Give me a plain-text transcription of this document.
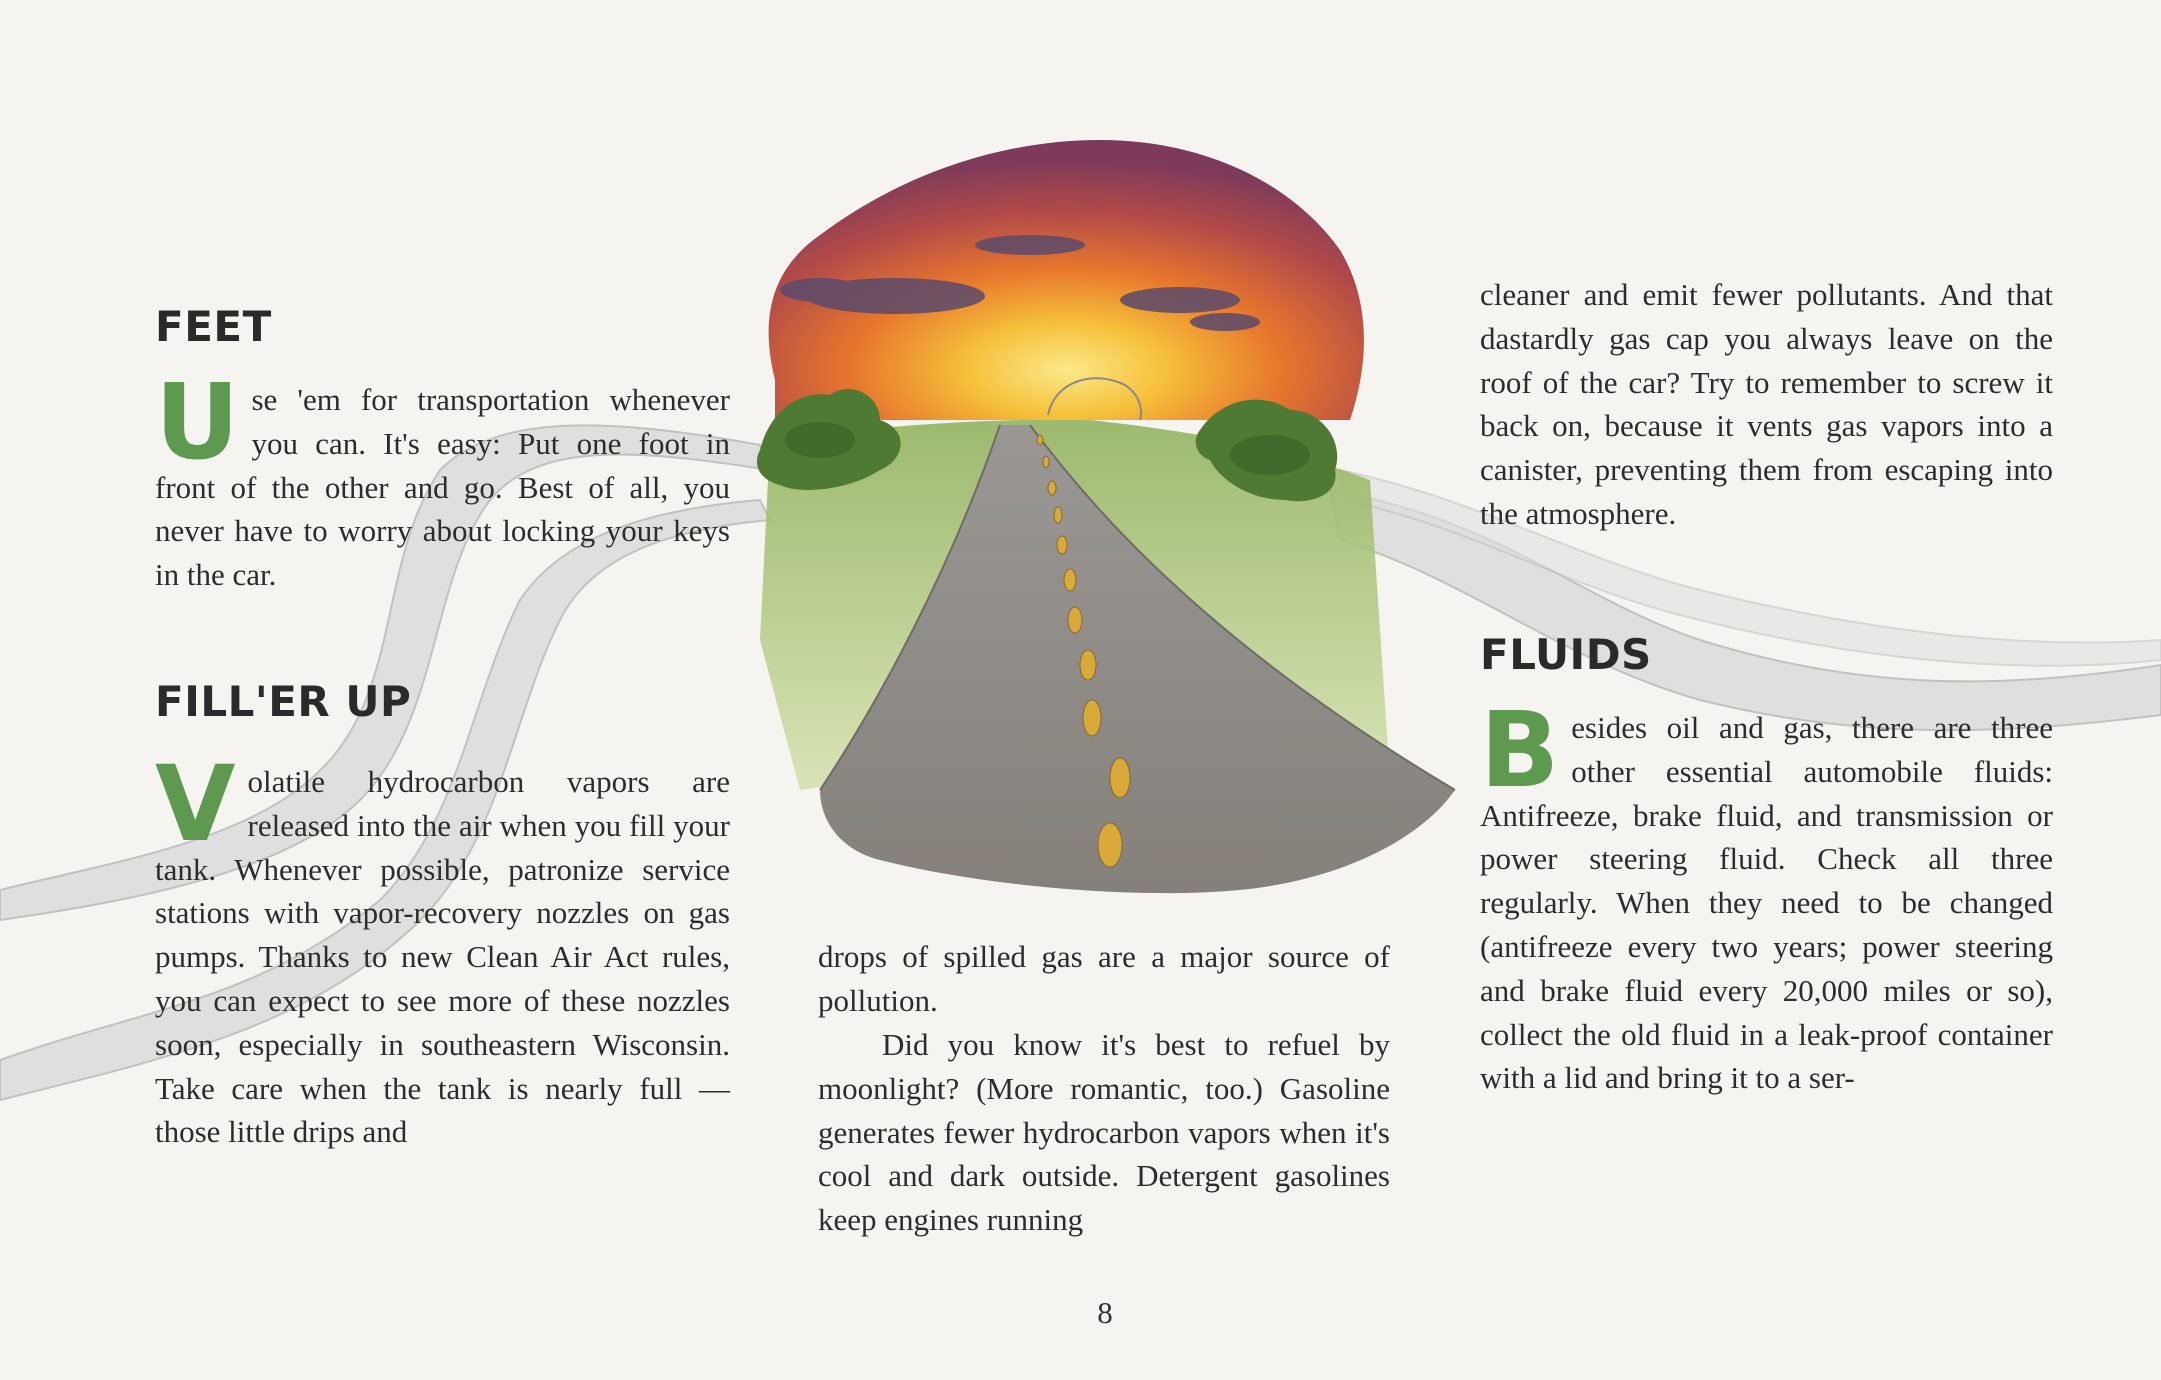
FEET

Use 'em for transportation whenever you can. It's easy: Put one foot in front of the other and go. Best of all, you never have to worry about locking your keys in the car.

FILL'ER UP

Volatile hydrocarbon vapors are released into the air when you fill your tank. Whenever possible, patronize service stations with vapor-recovery nozzles on gas pumps. Thanks to new Clean Air Act rules, you can expect to see more of these nozzles soon, especially in southeastern Wisconsin. Take care when the tank is nearly full — those little drips and

drops of spilled gas are a major source of pollution.

Did you know it's best to refuel by moonlight? (More romantic, too.) Gasoline generates fewer hydrocarbon vapors when it's cool and dark outside. Detergent gasolines keep engines running

cleaner and emit fewer pollutants. And that dastardly gas cap you always leave on the roof of the car? Try to remember to screw it back on, because it vents gas vapors into a canister, preventing them from escaping into the atmosphere.

FLUIDS

Besides oil and gas, there are three other essential automobile fluids: Antifreeze, brake fluid, and transmission or power steering fluid. Check all three regularly. When they need to be changed (antifreeze every two years; power steering and brake fluid every 20,000 miles or so), collect the old fluid in a leak-proof container with a lid and bring it to a ser-

8
